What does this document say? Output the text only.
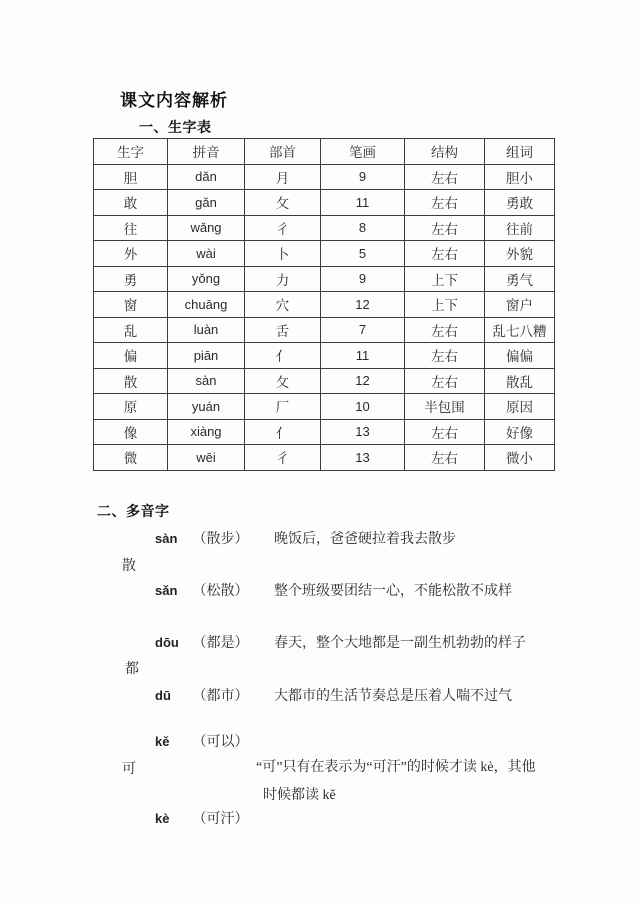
课文内容解析
一、生字表
生字	拼音	部首	笔画	结构	组词
胆	dǎn	月	9	左右	胆小
敢	gǎn	攵	11	左右	勇敢
往	wǎng	彳	8	左右	往前
外	wài	卜	5	左右	外貌
勇	yǒng	力	9	上下	勇气
窗	chuāng	穴	12	上下	窗户
乱	luàn	舌	7	左右	乱七八糟
偏	piān	亻	11	左右	偏偏
散	sàn	攵	12	左右	散乱
原	yuán	厂	10	半包围	原因
像	xiàng	亻	13	左右	好像
微	wēi	彳	13	左右	微小
二、多音字
sàn （散步） 晚饭后，爸爸硬拉着我去散步
散
sǎn （松散） 整个班级要团结一心，不能松散不成样
dōu （都是） 春天，整个大地都是一副生机勃勃的样子
都
dū （都市） 大都市的生活节奏总是压着人喘不过气
kě （可以）
可	“可”只有在表示为“可汗”的时候才读 kè，其他
时候都读 kě
kè （可汗）
